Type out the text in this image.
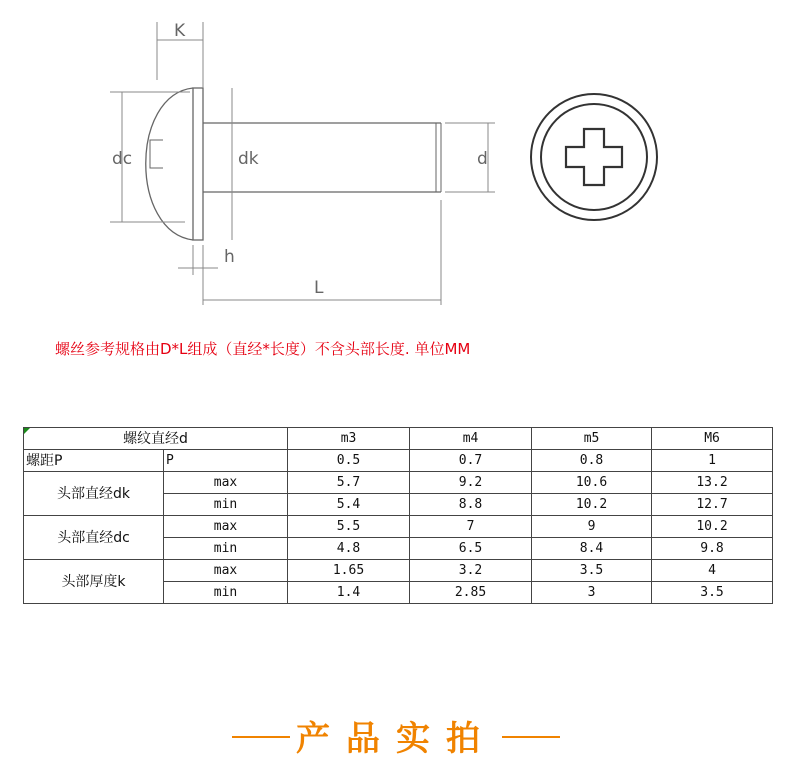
K
dc	dk	d
h
L
螺丝参考规格由D*L组成（直经*长度）不含头部长度. 单位MM
螺纹直经d		m3	m4	m5	M6
螺距P	P	0.5	0.7	0.8	1
头部直经dk	max	5.7	9.2	10.6	13.2
	min	5.4	8.8	10.2	12.7
头部直经dc	max	5.5	7	9	10.2
	min	4.8	6.5	8.4	9.8
头部厚度k	max	1.65	3.2	3.5	4
	min	1.4	2.85	3	3.5
产品实拍
